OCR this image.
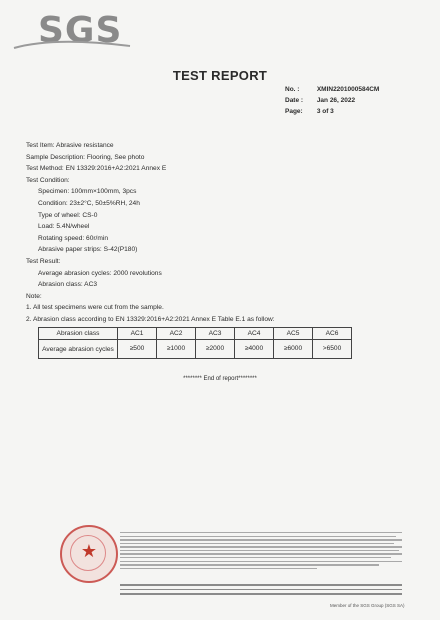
SGS
TEST REPORT
No. :	XMIN2201000584CM
Date : Jan 26, 2022
Page: 3 of 3
Test Item: Abrasive resistance
Sample Description: Flooring, See photo
Test Method: EN 13329:2016+A2:2021 Annex E
Test Condition:
Specimen: 100mm×100mm, 3pcs
Condition: 23±2°C, 50±5%RH, 24h
Type of wheel: CS-0
Load: 5.4N/wheel
Rotating speed: 60r/min
Abrasive paper strips: S-42(P180)
Test Result:
Average abrasion cycles: 2000 revolutions
Abrasion class: AC3
Note:
1. All test specimens were cut from the sample.
2. Abrasion class according to EN 13329:2016+A2:2021 Annex E Table E.1 as follow:
Abrasion class	AC1	AC2	AC3	AC4	AC5	AC6
Average abrasion cycles	≥500	≥1000	≥2000	≥4000	≥6000	>6500
******** End of report********
★
Member of the SGS Group (SGS SA)
